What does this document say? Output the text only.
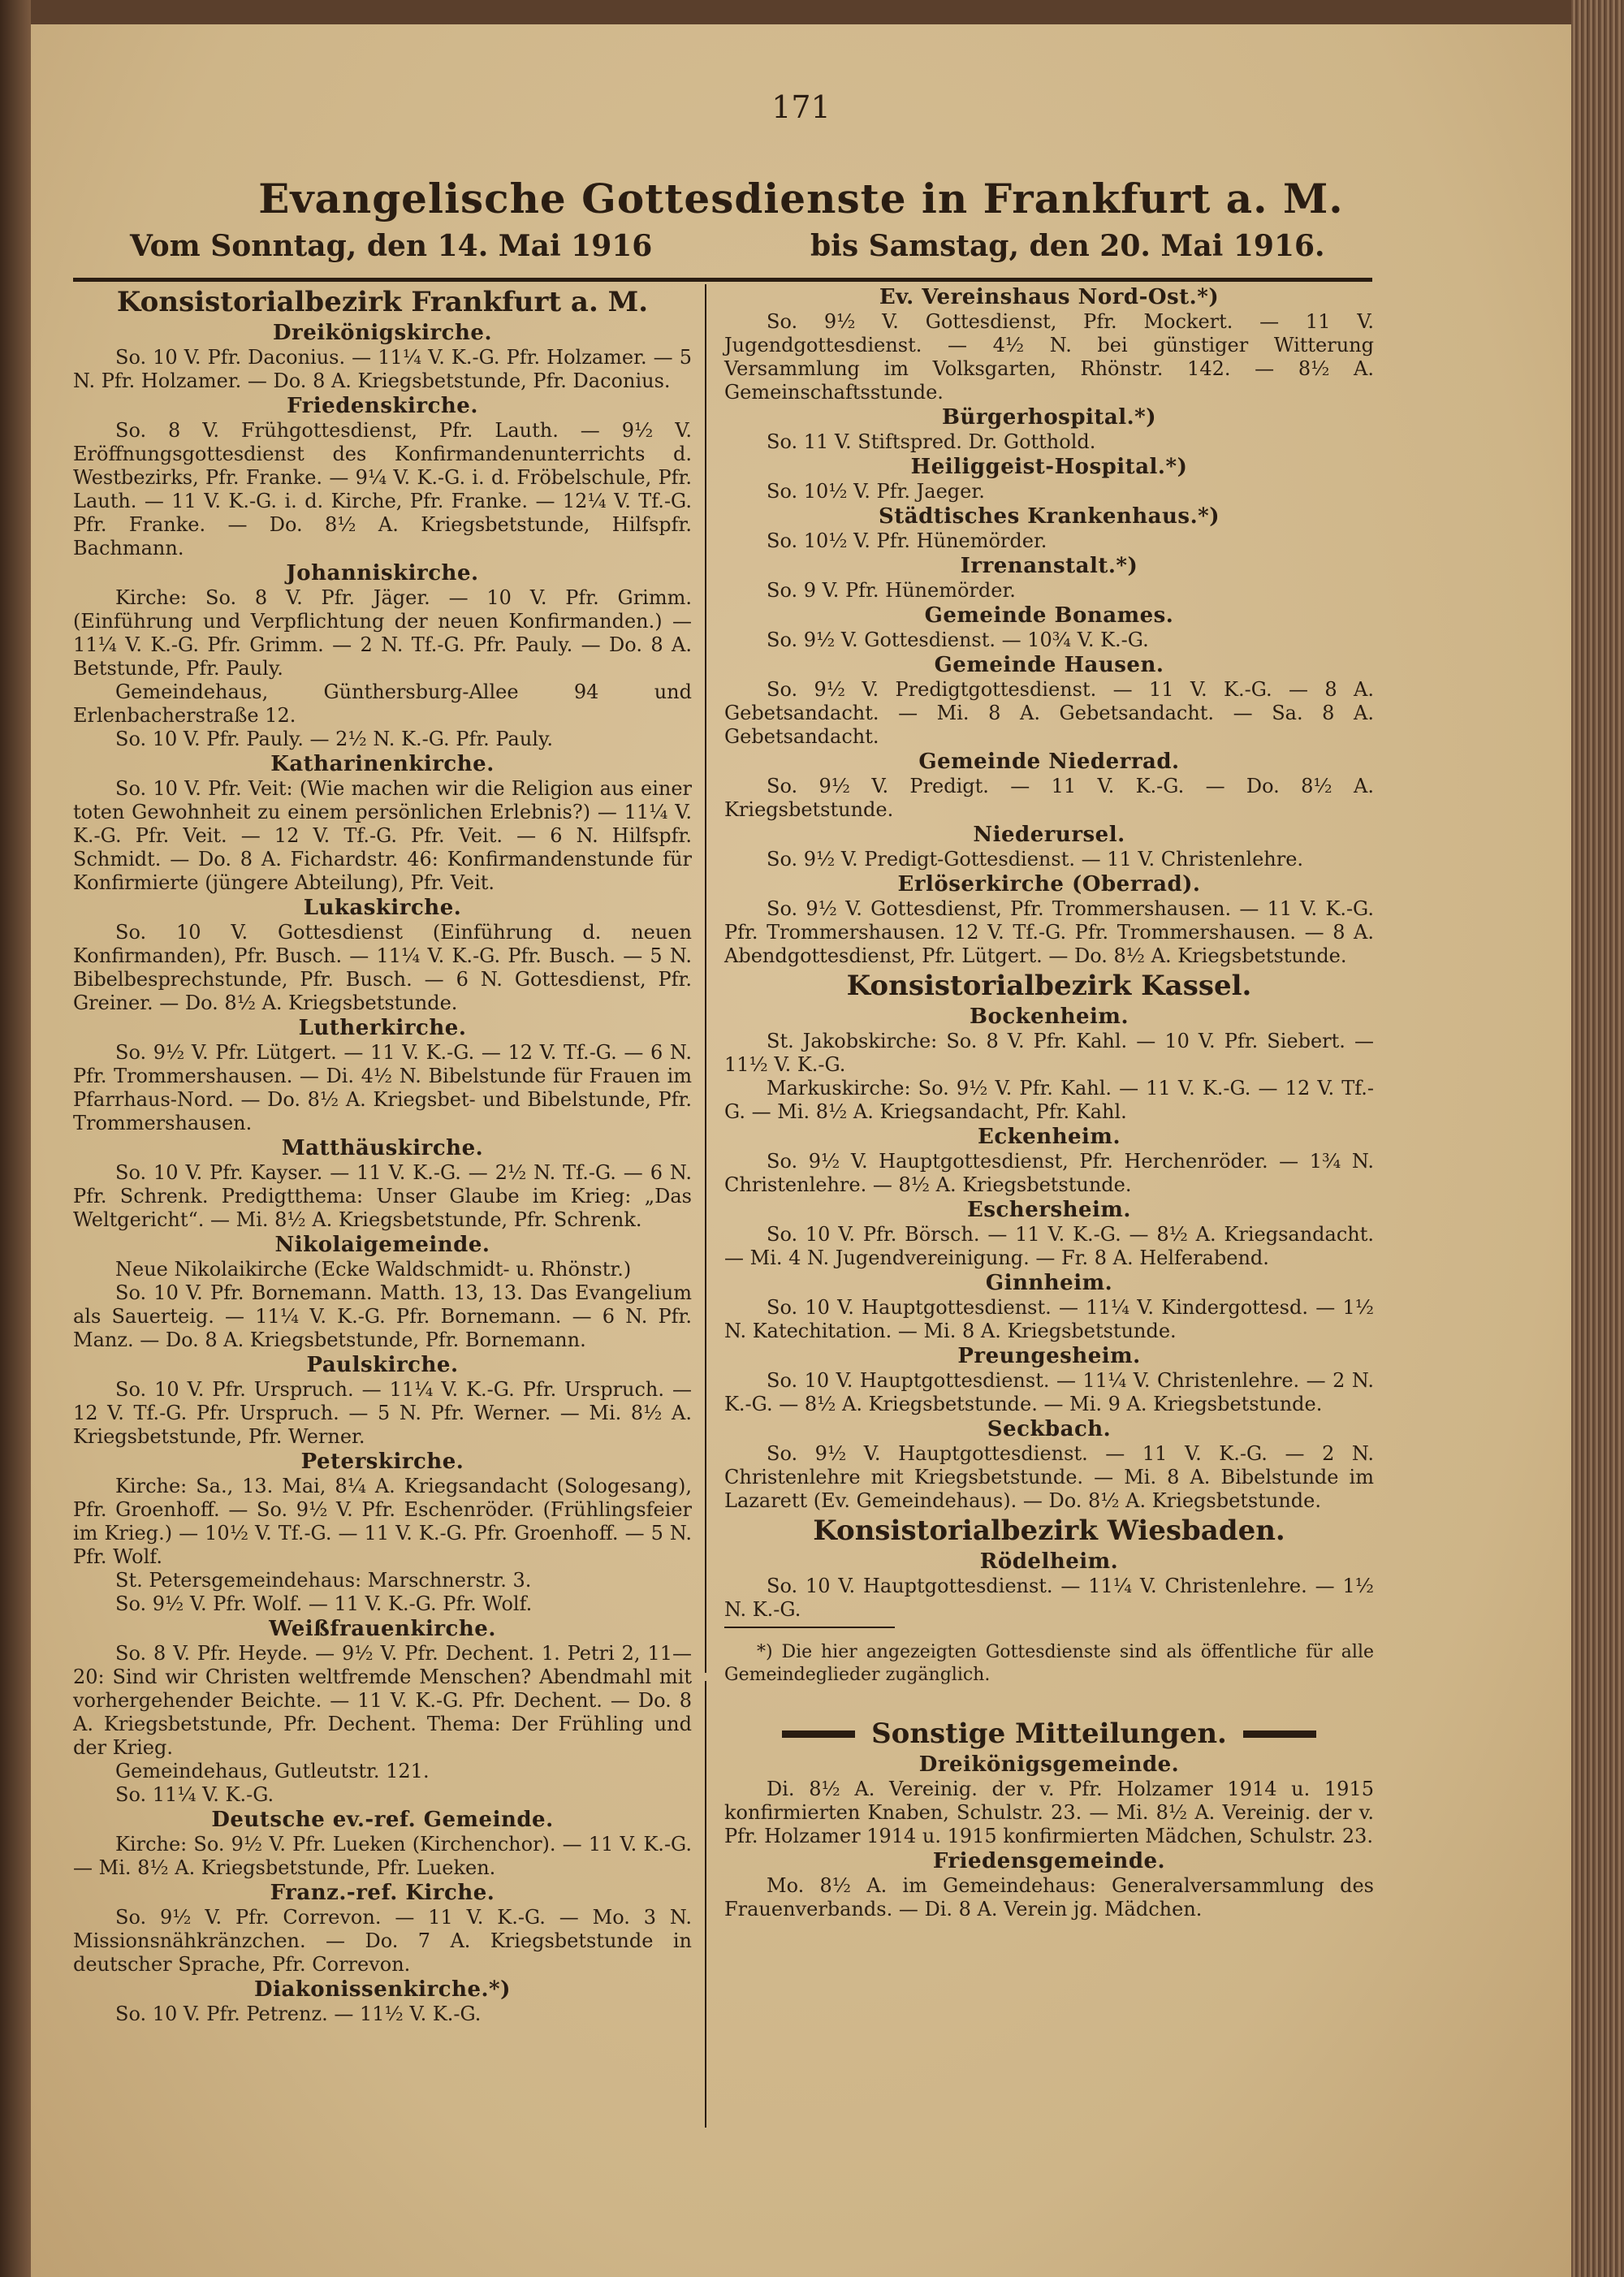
171
Evangelische Gottesdienste in Frankfurt a. M.
Vom Sonntag, den 14. Mai 1916	bis Samstag, den 20. Mai 1916.
Konsistorialbezirk Frankfurt a. M.
Dreikönigskirche.
So. 10 V. Pfr. Daconius. — 11¼ V. K.-G. Pfr. Holzamer. — 5 N. Pfr. Holzamer. — Do. 8 A. Kriegsbetstunde, Pfr. Daconius.
Friedenskirche.
So. 8 V. Frühgottesdienst, Pfr. Lauth. — 9½ V. Eröffnungsgottesdienst des Konfirmandenunterrichts d. Westbezirks, Pfr. Franke. — 9¼ V. K.-G. i. d. Fröbelschule, Pfr. Lauth. — 11 V. K.-G. i. d. Kirche, Pfr. Franke. — 12¼ V. Tf.-G. Pfr. Franke. — Do. 8½ A. Kriegsbetstunde, Hilfspfr. Bachmann.
Johanniskirche.
Kirche: So. 8 V. Pfr. Jäger. — 10 V. Pfr. Grimm. (Einführung und Verpflichtung der neuen Konfirmanden.) — 11¼ V. K.-G. Pfr. Grimm. — 2 N. Tf.-G. Pfr. Pauly. — Do. 8 A. Betstunde, Pfr. Pauly.
Gemeindehaus, Günthersburg-Allee 94 und Erlenbacherstraße 12.
So. 10 V. Pfr. Pauly. — 2½ N. K.-G. Pfr. Pauly.
Katharinenkirche.
So. 10 V. Pfr. Veit: (Wie machen wir die Religion aus einer toten Gewohnheit zu einem persönlichen Erlebnis?) — 11¼ V. K.-G. Pfr. Veit. — 12 V. Tf.-G. Pfr. Veit. — 6 N. Hilfspfr. Schmidt. — Do. 8 A. Fichardstr. 46: Konfirmandenstunde für Konfirmierte (jüngere Abteilung), Pfr. Veit.
Lukaskirche.
So. 10 V. Gottesdienst (Einführung d. neuen Konfirmanden), Pfr. Busch. — 11¼ V. K.-G. Pfr. Busch. — 5 N. Bibelbesprechstunde, Pfr. Busch. — 6 N. Gottesdienst, Pfr. Greiner. — Do. 8½ A. Kriegsbetstunde.
Lutherkirche.
So. 9½ V. Pfr. Lütgert. — 11 V. K.-G. — 12 V. Tf.-G. — 6 N. Pfr. Trommershausen. — Di. 4½ N. Bibelstunde für Frauen im Pfarrhaus-Nord. — Do. 8½ A. Kriegsbet- und Bibelstunde, Pfr. Trommershausen.
Matthäuskirche.
So. 10 V. Pfr. Kayser. — 11 V. K.-G. — 2½ N. Tf.-G. — 6 N. Pfr. Schrenk. Predigtthema: Unser Glaube im Krieg: „Das Weltgericht“. — Mi. 8½ A. Kriegsbetstunde, Pfr. Schrenk.
Nikolaigemeinde.
Neue Nikolaikirche (Ecke Waldschmidt- u. Rhönstr.)
So. 10 V. Pfr. Bornemann. Matth. 13, 13. Das Evangelium als Sauerteig. — 11¼ V. K.-G. Pfr. Bornemann. — 6 N. Pfr. Manz. — Do. 8 A. Kriegsbetstunde, Pfr. Bornemann.
Paulskirche.
So. 10 V. Pfr. Urspruch. — 11¼ V. K.-G. Pfr. Urspruch. — 12 V. Tf.-G. Pfr. Urspruch. — 5 N. Pfr. Werner. — Mi. 8½ A. Kriegsbetstunde, Pfr. Werner.
Peterskirche.
Kirche: Sa., 13. Mai, 8¼ A. Kriegsandacht (Sologesang), Pfr. Groenhoff. — So. 9½ V. Pfr. Eschenröder. (Frühlingsfeier im Krieg.) — 10½ V. Tf.-G. — 11 V. K.-G. Pfr. Groenhoff. — 5 N. Pfr. Wolf.
St. Petersgemeindehaus: Marschnerstr. 3.
So. 9½ V. Pfr. Wolf. — 11 V. K.-G. Pfr. Wolf.
Weißfrauenkirche.
So. 8 V. Pfr. Heyde. — 9½ V. Pfr. Dechent. 1. Petri 2, 11—20: Sind wir Christen weltfremde Menschen? Abendmahl mit vorhergehender Beichte. — 11 V. K.-G. Pfr. Dechent. — Do. 8 A. Kriegsbetstunde, Pfr. Dechent. Thema: Der Frühling und der Krieg.
Gemeindehaus, Gutleutstr. 121.
So. 11¼ V. K.-G.
Deutsche ev.-ref. Gemeinde.
Kirche: So. 9½ V. Pfr. Lueken (Kirchenchor). — 11 V. K.-G. — Mi. 8½ A. Kriegsbetstunde, Pfr. Lueken.
Franz.-ref. Kirche.
So. 9½ V. Pfr. Correvon. — 11 V. K.-G. — Mo. 3 N. Missionsnähkränzchen. — Do. 7 A. Kriegsbetstunde in deutscher Sprache, Pfr. Correvon.
Diakonissenkirche.*)
So. 10 V. Pfr. Petrenz. — 11½ V. K.-G.
Ev. Vereinshaus Nord-Ost.*)
So. 9½ V. Gottesdienst, Pfr. Mockert. — 11 V. Jugendgottesdienst. — 4½ N. bei günstiger Witterung Versammlung im Volksgarten, Rhönstr. 142. — 8½ A. Gemeinschaftsstunde.
Bürgerhospital.*)
So. 11 V. Stiftspred. Dr. Gotthold.
Heiliggeist-Hospital.*)
So. 10½ V. Pfr. Jaeger.
Städtisches Krankenhaus.*)
So. 10½ V. Pfr. Hünemörder.
Irrenanstalt.*)
So. 9 V. Pfr. Hünemörder.
Gemeinde Bonames.
So. 9½ V. Gottesdienst. — 10¾ V. K.-G.
Gemeinde Hausen.
So. 9½ V. Predigtgottesdienst. — 11 V. K.-G. — 8 A. Gebetsandacht. — Mi. 8 A. Gebetsandacht. — Sa. 8 A. Gebetsandacht.
Gemeinde Niederrad.
So. 9½ V. Predigt. — 11 V. K.-G. — Do. 8½ A. Kriegsbetstunde.
Niederursel.
So. 9½ V. Predigt-Gottesdienst. — 11 V. Christenlehre.
Erlöserkirche (Oberrad).
So. 9½ V. Gottesdienst, Pfr. Trommershausen. — 11 V. K.-G. Pfr. Trommershausen. 12 V. Tf.-G. Pfr. Trommershausen. — 8 A. Abendgottesdienst, Pfr. Lütgert. — Do. 8½ A. Kriegsbetstunde.
Konsistorialbezirk Kassel.
Bockenheim.
St. Jakobskirche: So. 8 V. Pfr. Kahl. — 10 V. Pfr. Siebert. — 11½ V. K.-G.
Markuskirche: So. 9½ V. Pfr. Kahl. — 11 V. K.-G. — 12 V. Tf.-G. — Mi. 8½ A. Kriegsandacht, Pfr. Kahl.
Eckenheim.
So. 9½ V. Hauptgottesdienst, Pfr. Herchenröder. — 1¾ N. Christenlehre. — 8½ A. Kriegsbetstunde.
Eschersheim.
So. 10 V. Pfr. Börsch. — 11 V. K.-G. — 8½ A. Kriegsandacht. — Mi. 4 N. Jugendvereinigung. — Fr. 8 A. Helferabend.
Ginnheim.
So. 10 V. Hauptgottesdienst. — 11¼ V. Kindergottesd. — 1½ N. Katechitation. — Mi. 8 A. Kriegsbetstunde.
Preungesheim.
So. 10 V. Hauptgottesdienst. — 11¼ V. Christenlehre. — 2 N. K.-G. — 8½ A. Kriegsbetstunde. — Mi. 9 A. Kriegsbetstunde.
Seckbach.
So. 9½ V. Hauptgottesdienst. — 11 V. K.-G. — 2 N. Christenlehre mit Kriegsbetstunde. — Mi. 8 A. Bibelstunde im Lazarett (Ev. Gemeindehaus). — Do. 8½ A. Kriegsbetstunde.
Konsistorialbezirk Wiesbaden.
Rödelheim.
So. 10 V. Hauptgottesdienst. — 11¼ V. Christenlehre. — 1½ N. K.-G.
*) Die hier angezeigten Gottesdienste sind als öffentliche für alle Gemeindeglieder zugänglich.
Sonstige Mitteilungen.
Dreikönigsgemeinde.
Di. 8½ A. Vereinig. der v. Pfr. Holzamer 1914 u. 1915 konfirmierten Knaben, Schulstr. 23. — Mi. 8½ A. Vereinig. der v. Pfr. Holzamer 1914 u. 1915 konfirmierten Mädchen, Schulstr. 23.
Friedensgemeinde.
Mo. 8½ A. im Gemeindehaus: Generalversammlung des Frauenverbands. — Di. 8 A. Verein jg. Mädchen.
